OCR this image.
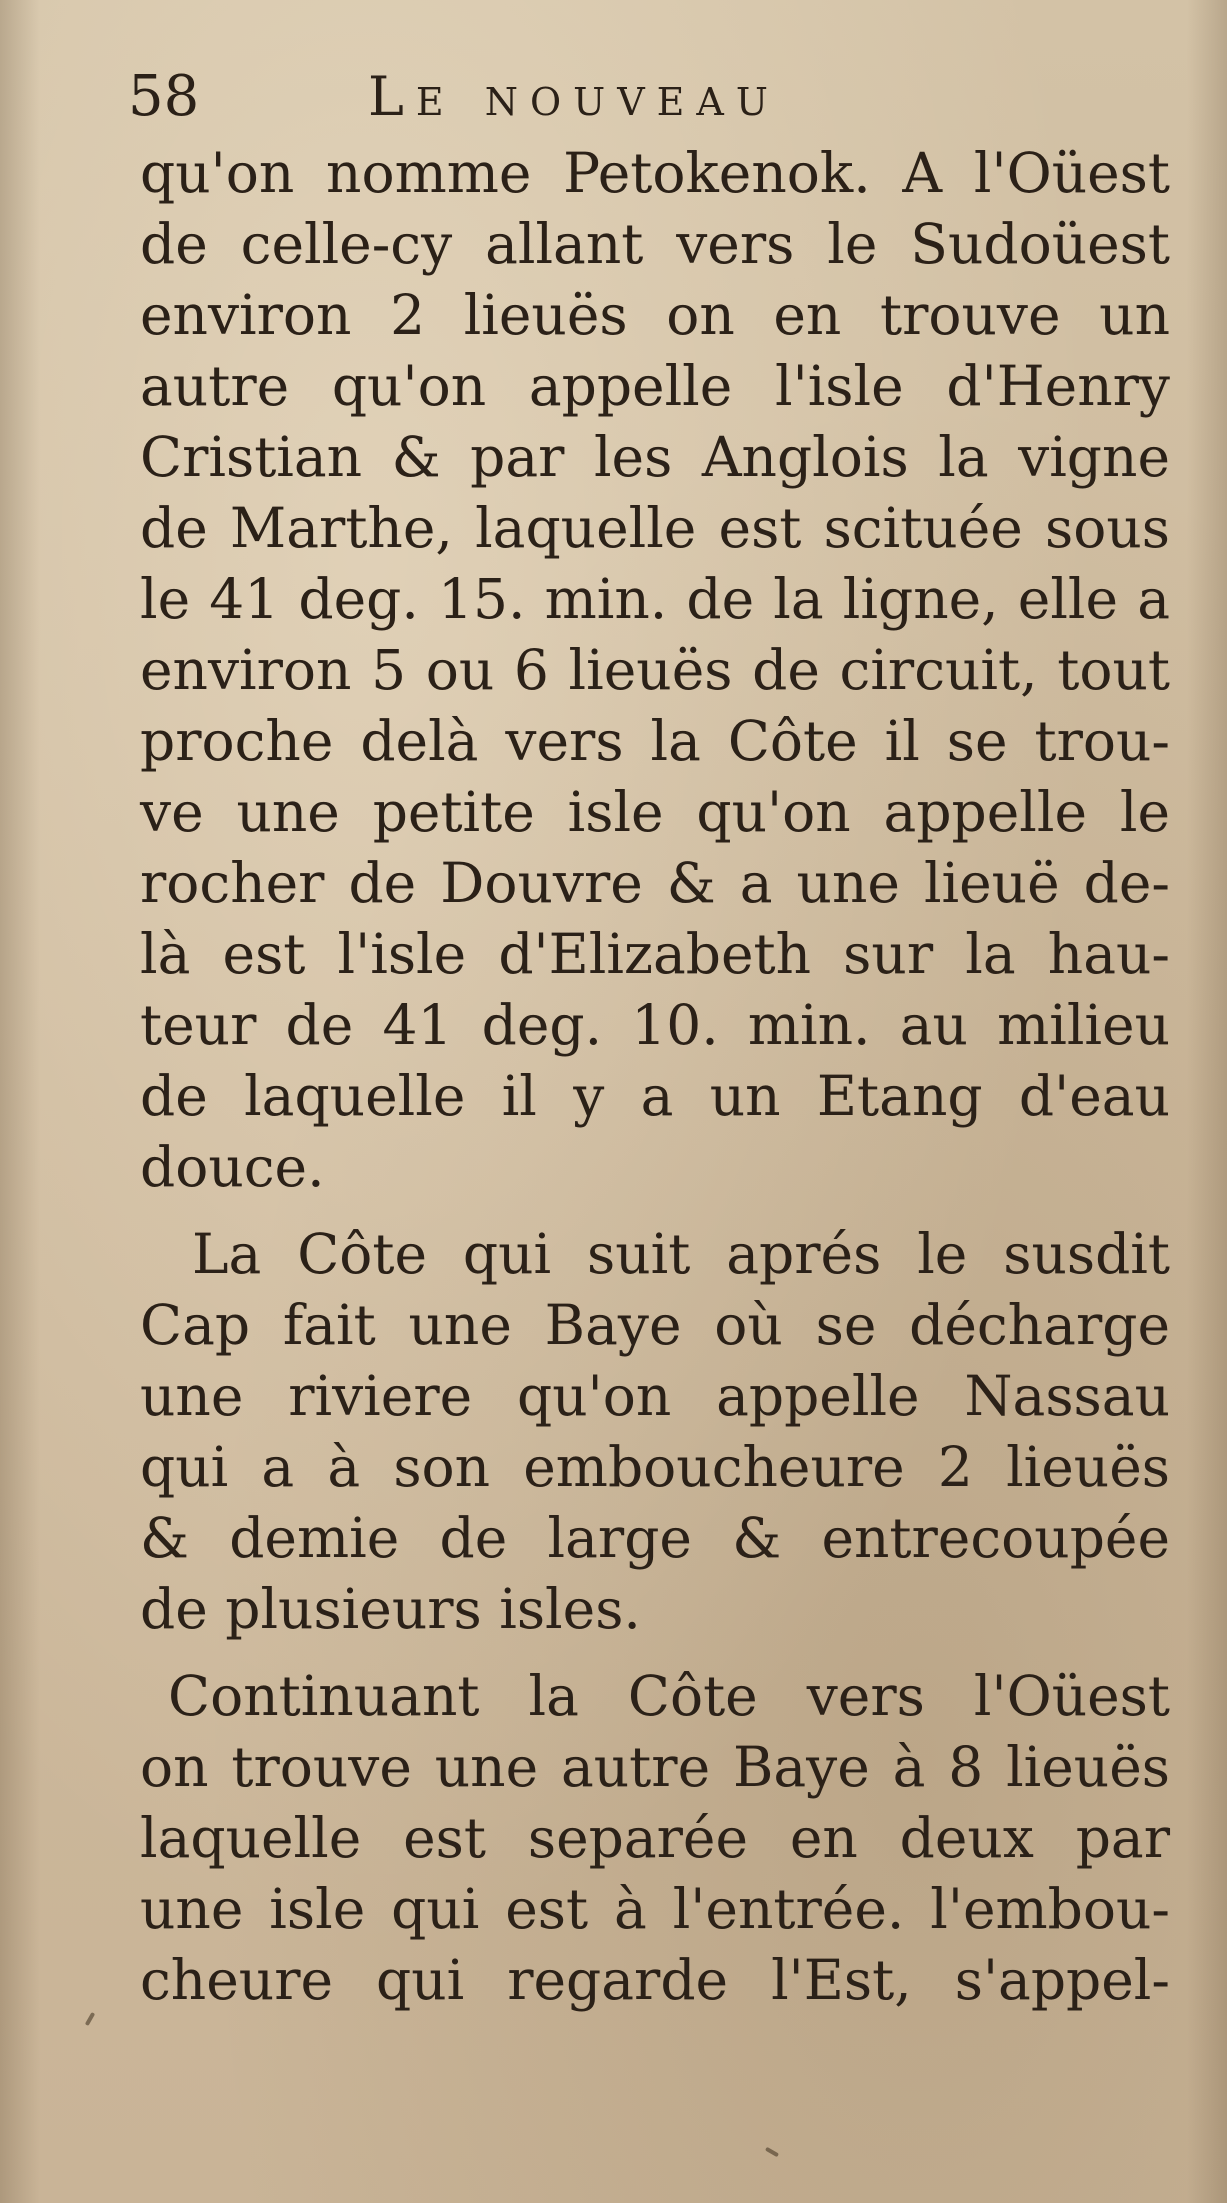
58	Le nouveau
qu'on nomme Petokenok. A l'Oüest
de celle-cy allant vers le Sudoüest
environ 2 lieuës on en trouve un
autre qu'on appelle l'isle d'Henry
Cristian & par les Anglois la vigne
de Marthe, laquelle est scituée sous
le 41 deg. 15. min. de la ligne, elle a
environ 5 ou 6 lieuës de circuit, tout
proche delà vers la Côte il se trou-
ve une petite isle qu'on appelle le
rocher de Douvre & a une lieuë de-
là est l'isle d'Elizabeth sur la hau-
teur de 41 deg. 10. min. au milieu
de laquelle il y a un Etang d'eau
douce.
La Côte qui suit aprés le susdit
Cap fait une Baye où se décharge
une riviere qu'on appelle Nassau
qui a à son emboucheure 2 lieuës
& demie de large & entrecoupée
de plusieurs isles.
Continuant la Côte vers l'Oüest
on trouve une autre Baye à 8 lieuës
laquelle est separée en deux par
une isle qui est à l'entrée. l'embou-
cheure qui regarde l'Est, s'appel-
